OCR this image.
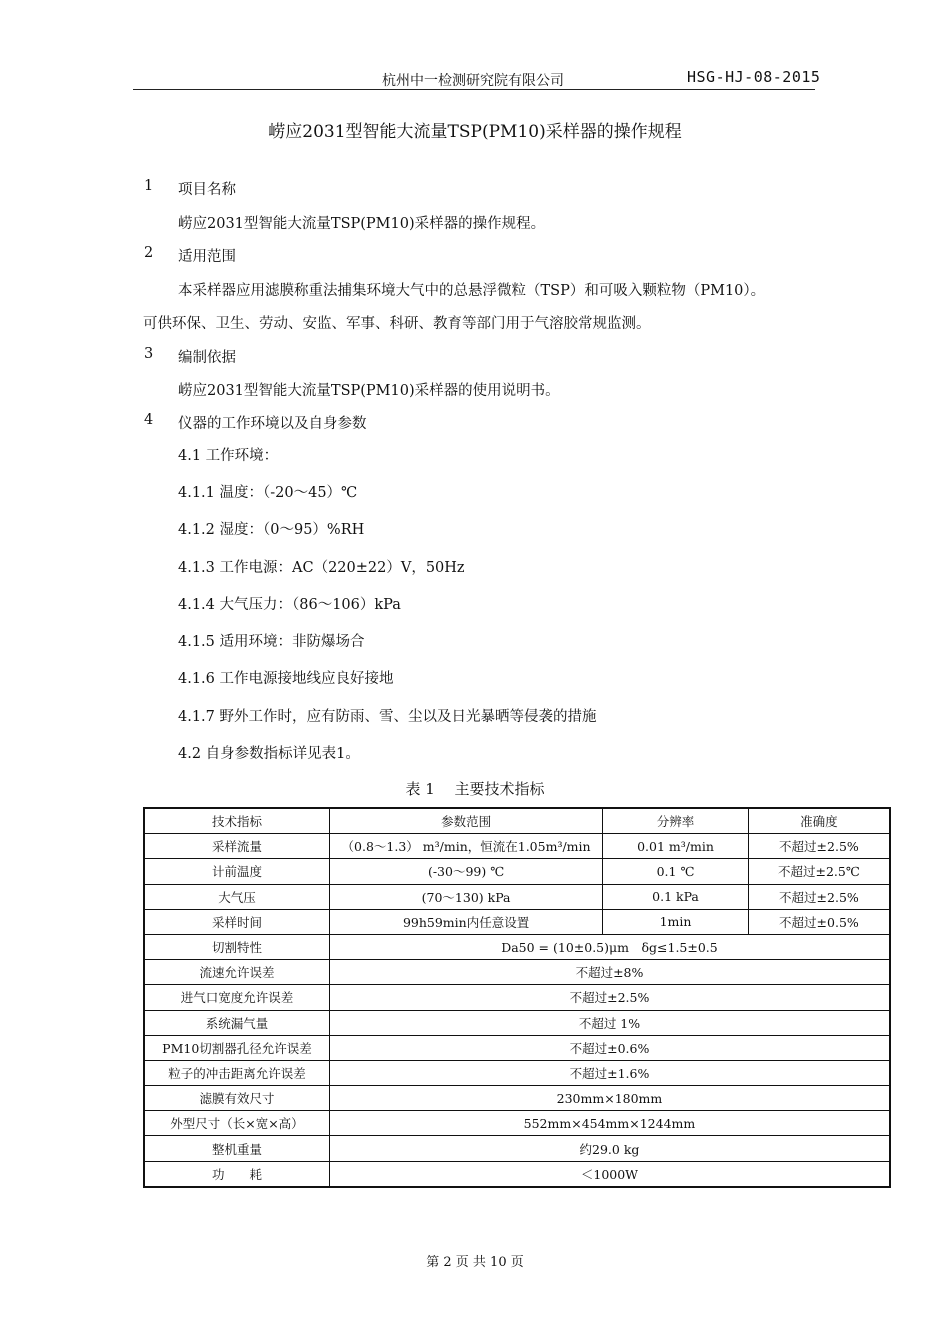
杭州中一检测研究院有限公司	HSG-HJ-08-2015
崂应2031型智能大流量TSP(PM10)采样器的操作规程
1 项目名称
崂应2031型智能大流量TSP(PM10)采样器的操作规程。
2 适用范围
本采样器应用滤膜称重法捕集环境大气中的总悬浮微粒（TSP）和可吸入颗粒物（PM10）。
可供环保、卫生、劳动、安监、军事、科研、教育等部门用于气溶胶常规监测。
3 编制依据
崂应2031型智能大流量TSP(PM10)采样器的使用说明书。
4 仪器的工作环境以及自身参数
4.1 工作环境：
4.1.1 温度：（-20～45）℃
4.1.2 湿度：（0～95）%RH
4.1.3 工作电源：AC（220±22）V，50Hz
4.1.4 大气压力：（86～106）kPa
4.1.5 适用环境：非防爆场合
4.1.6 工作电源接地线应良好接地
4.1.7 野外工作时，应有防雨、雪、尘以及日光暴晒等侵袭的措施
4.2 自身参数指标详见表1。
表 1　 主要技术指标
技术指标	参数范围	分辨率	准确度
采样流量	（0.8～1.3） m³/min，恒流在1.05m³/min	0.01 m³/min	不超过±2.5%
计前温度	(-30～99) ℃	0.1 ℃	不超过±2.5℃
大气压	(70～130) kPa	0.1 kPa	不超过±2.5%
采样时间	99h59min内任意设置	1min	不超过±0.5%
切割特性	Da50 = (10±0.5)μm　δg≤1.5±0.5		
流速允许误差	不超过±8%		
进气口宽度允许误差	不超过±2.5%		
系统漏气量	不超过 1%		
PM10切割器孔径允许误差	不超过±0.6%		
粒子的冲击距离允许误差	不超过±1.6%		
滤膜有效尺寸	230mm×180mm		
外型尺寸（长×宽×高）	552mm×454mm×1244mm		
整机重量	约29.0 kg		
功　　耗	＜1000W		
第 2 页 共 10 页
